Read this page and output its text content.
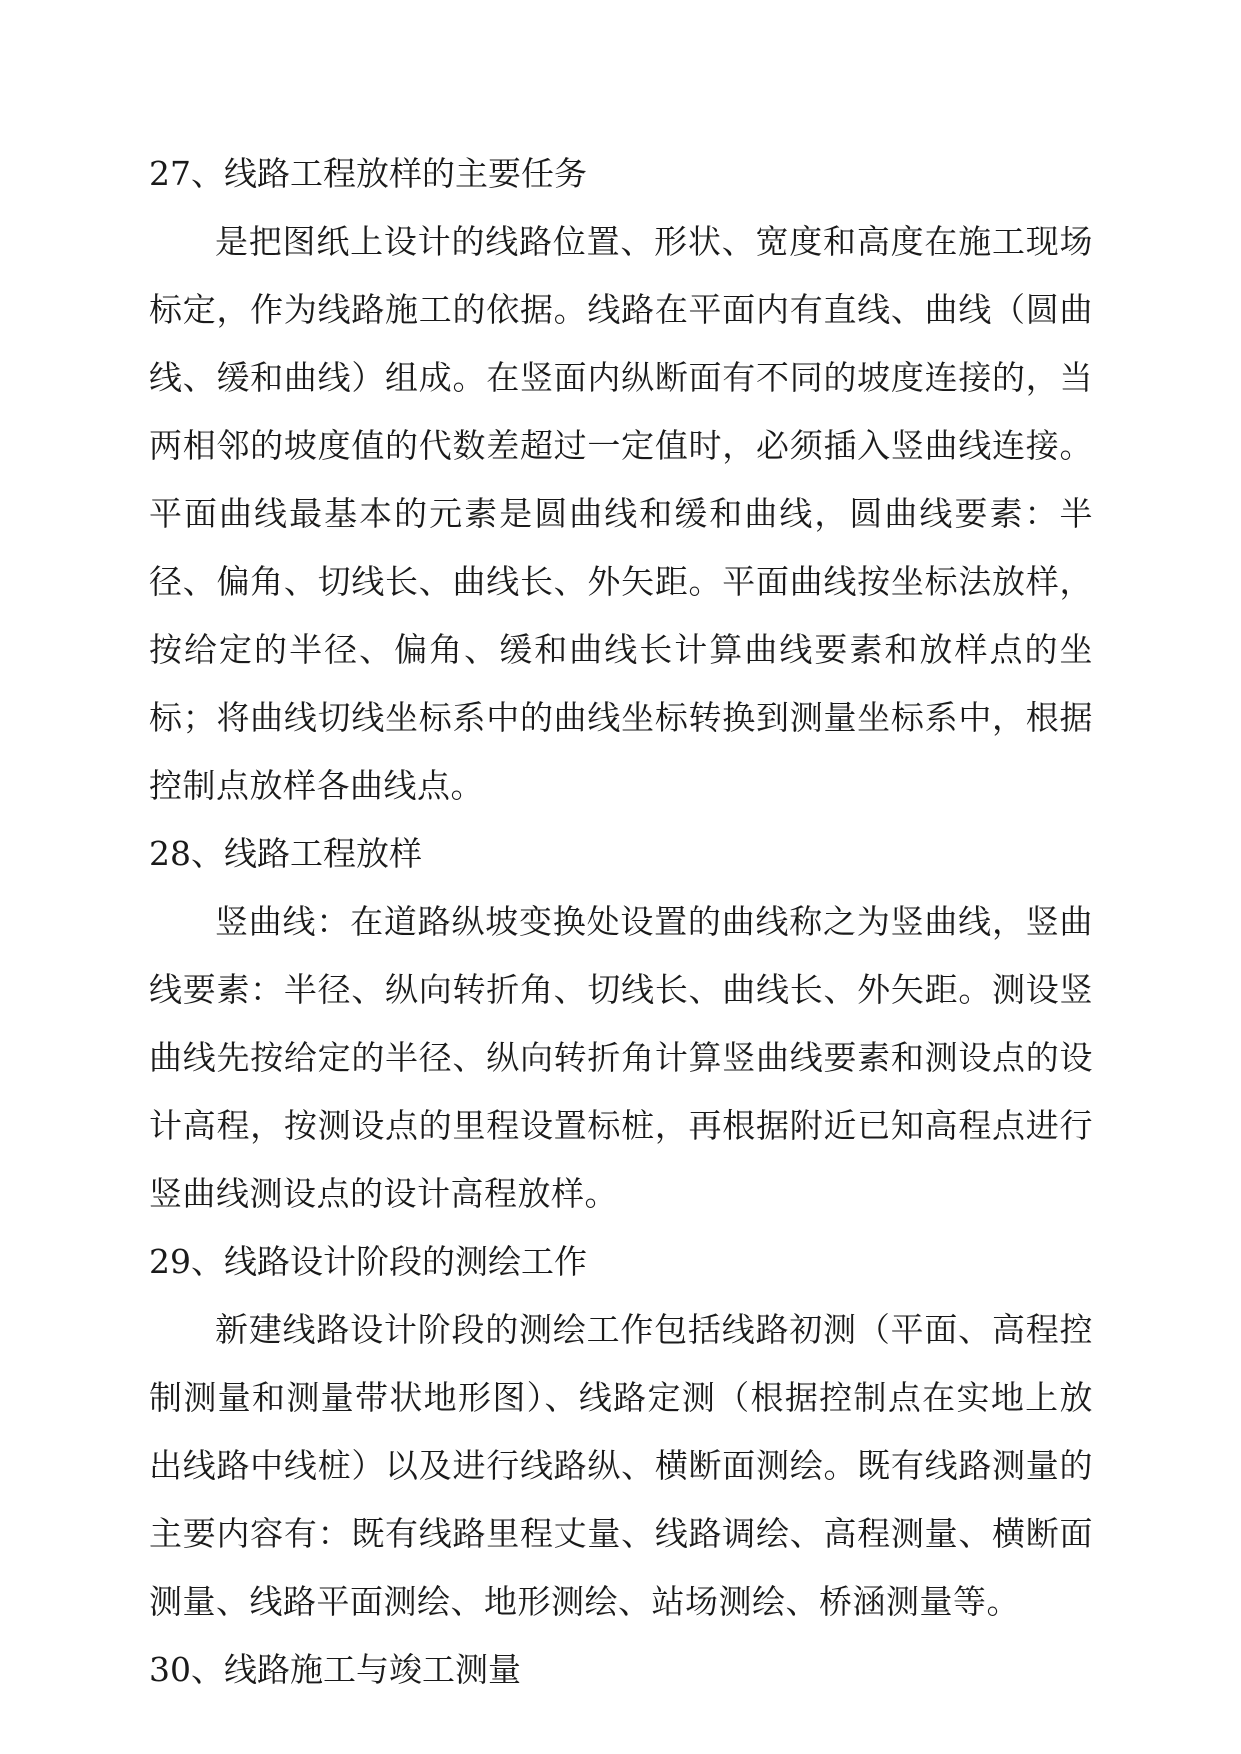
27、线路工程放样的主要任务

是把图纸上设计的线路位置、形状、宽度和高度在施工现场标定，作为线路施工的依据。线路在平面内有直线、曲线（圆曲线、缓和曲线）组成。在竖面内纵断面有不同的坡度连接的，当两相邻的坡度值的代数差超过一定值时，必须插入竖曲线连接。平面曲线最基本的元素是圆曲线和缓和曲线，圆曲线要素：半径、偏角、切线长、曲线长、外矢距。平面曲线按坐标法放样，按给定的半径、偏角、缓和曲线长计算曲线要素和放样点的坐标；将曲线切线坐标系中的曲线坐标转换到测量坐标系中，根据控制点放样各曲线点。

28、线路工程放样

竖曲线：在道路纵坡变换处设置的曲线称之为竖曲线，竖曲线要素：半径、纵向转折角、切线长、曲线长、外矢距。测设竖曲线先按给定的半径、纵向转折角计算竖曲线要素和测设点的设计高程，按测设点的里程设置标桩，再根据附近已知高程点进行竖曲线测设点的设计高程放样。

29、线路设计阶段的测绘工作

新建线路设计阶段的测绘工作包括线路初测（平面、高程控制测量和测量带状地形图）、线路定测（根据控制点在实地上放出线路中线桩）以及进行线路纵、横断面测绘。既有线路测量的主要内容有：既有线路里程丈量、线路调绘、高程测量、横断面测量、线路平面测绘、地形测绘、站场测绘、桥涵测量等。

30、线路施工与竣工测量
